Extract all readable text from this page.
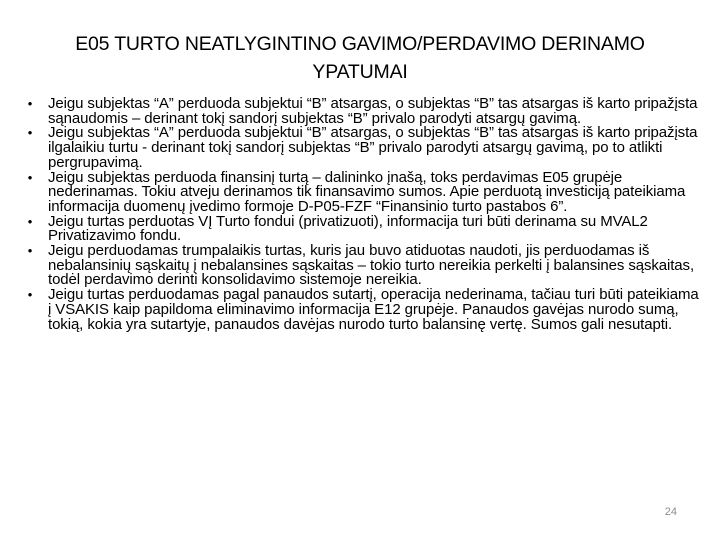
E05 TURTO NEATLYGINTINO GAVIMO/PERDAVIMO DERINAMO YPATUMAI
• Jeigu subjektas “A” perduoda subjektui “B” atsargas, o subjektas “B” tas atsargas iš karto pripažįsta sąnaudomis – derinant tokį sandorį subjektas “B” privalo parodyti atsargų gavimą.
• Jeigu subjektas “A” perduoda subjektui “B” atsargas, o subjektas “B” tas atsargas iš karto pripažįsta ilgalaikiu turtu - derinant tokį sandorį subjektas “B” privalo parodyti atsargų gavimą, po to atlikti pergrupavimą.
• Jeigu subjektas perduoda finansinį turtą – dalininko įnašą, toks perdavimas E05 grupėje nederinamas. Tokiu atveju derinamos tik finansavimo sumos. Apie perduotą investiciją pateikiama informacija duomenų įvedimo formoje D-P05-FZF “Finansinio turto pastabos 6”.
• Jeigu turtas perduotas VĮ Turto fondui (privatizuoti), informacija turi būti derinama su MVAL2 Privatizavimo fondu.
• Jeigu perduodamas trumpalaikis turtas, kuris jau buvo atiduotas naudoti, jis perduodamas iš nebalansinių sąskaitų į nebalansines sąskaitas – tokio turto nereikia perkelti į balansines sąskaitas, todėl perdavimo derinti konsolidavimo sistemoje nereikia.
• Jeigu turtas perduodamas pagal panaudos sutartį, operacija nederinama, tačiau turi būti pateikiama į VSAKIS kaip papildoma eliminavimo informacija E12 grupėje. Panaudos gavėjas nurodo sumą, tokią, kokia yra sutartyje, panaudos davėjas nurodo turto balansinę vertę. Sumos gali nesutapti.
24
